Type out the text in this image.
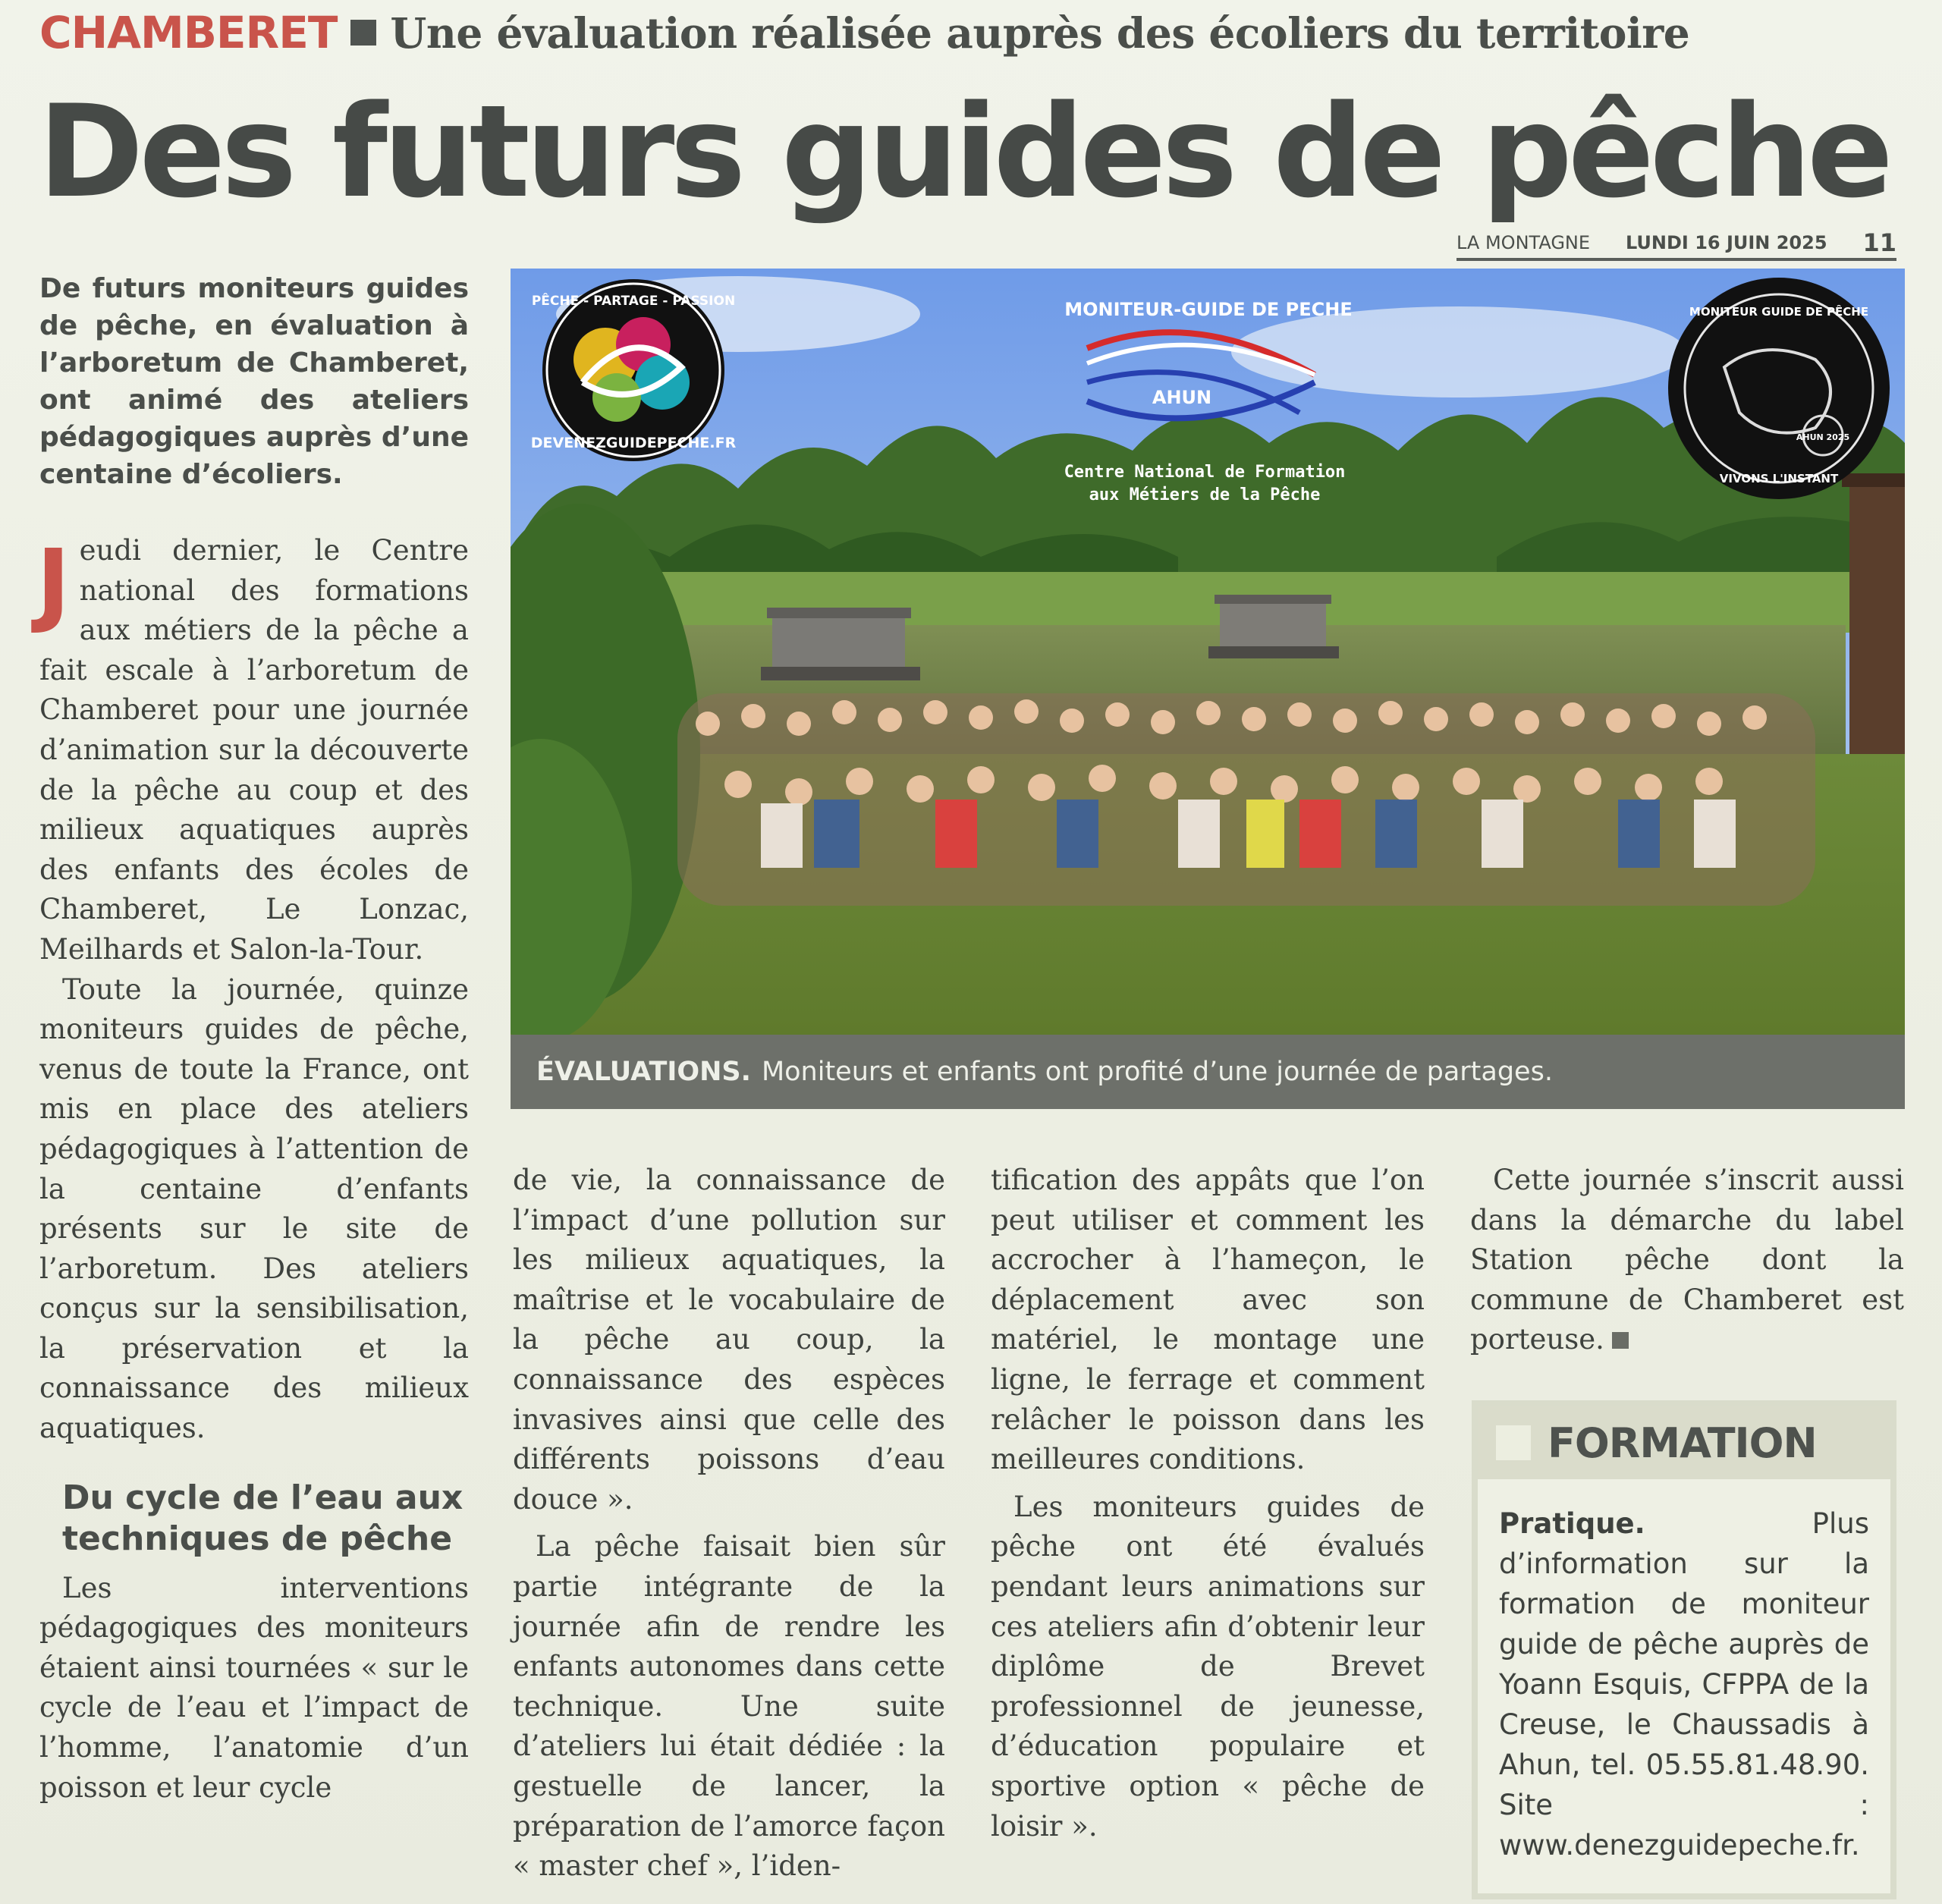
CHAMBERET Une évaluation réalisée auprès des écoliers du territoire
Des futurs guides de pêche
LA MONTAGNE LUNDI 16 JUIN 2025 11
De futurs moniteurs guides de pêche, en évaluation à l’arboretum de Chamberet, ont animé des ateliers pédagogiques auprès d’une centaine d’écoliers.

Jeudi dernier, le Centre national des formations aux métiers de la pêche a fait escale à l’arboretum de Chamberet pour une journée d’animation sur la découverte de la pêche au coup et des milieux aquatiques auprès des enfants des écoles de Chamberet, Le Lonzac, Meilhards et Salon-la-Tour.

Toute la journée, quinze moniteurs guides de pêche, venus de toute la France, ont mis en place des ateliers pédagogiques à l’attention de la centaine d’enfants présents sur le site de l’arboretum. Des ateliers conçus sur la sensibilisation, la préservation et la connaissance des milieux aquatiques.

Du cycle de l’eau aux techniques de pêche

Les interventions pédagogiques des moniteurs étaient ainsi tournées « sur le cycle de l’eau et l’impact de l’homme, l’anatomie d’un poisson et leur cycle

PÊCHE - PARTAGE - PASSION
DEVENEZGUIDEPECHE.FR
MONITEUR-GUIDE DE PECHE
AHUN
Centre National de Formation
aux Métiers de la Pêche
MONITEUR GUIDE DE PÊCHE
AHUN 2025
VIVONS L'INSTANT
ÉVALUATIONS. Moniteurs et enfants ont profité d’une journée de partages.

de vie, la connaissance de l’impact d’une pollution sur les milieux aquatiques, la maîtrise et le vocabulaire de la pêche au coup, la connaissance des espèces invasives ainsi que celle des différents poissons d’eau douce ».

La pêche faisait bien sûr partie intégrante de la journée afin de rendre les enfants autonomes dans cette technique. Une suite d’ateliers lui était dédiée : la gestuelle de lancer, la préparation de l’amorce façon « master chef », l’iden-

tification des appâts que l’on peut utiliser et comment les accrocher à l’hameçon, le déplacement avec son matériel, le montage une ligne, le ferrage et comment relâcher le poisson dans les meilleures conditions.

Les moniteurs guides de pêche ont été évalués pendant leurs animations sur ces ateliers afin d’obtenir leur diplôme de Brevet professionnel de jeunesse, d’éducation populaire et sportive option « pêche de loisir ».

Cette journée s’inscrit aussi dans la démarche du label Station pêche dont la commune de Chamberet est porteuse.

FORMATION
Pratique.	Plus d’information sur la formation de moniteur guide de pêche auprès de Yoann Esquis, CFPPA de la Creuse, le Chaussadis à Ahun, tel. 05.55.81.48.90. Site : www.denezguidepeche.fr.
